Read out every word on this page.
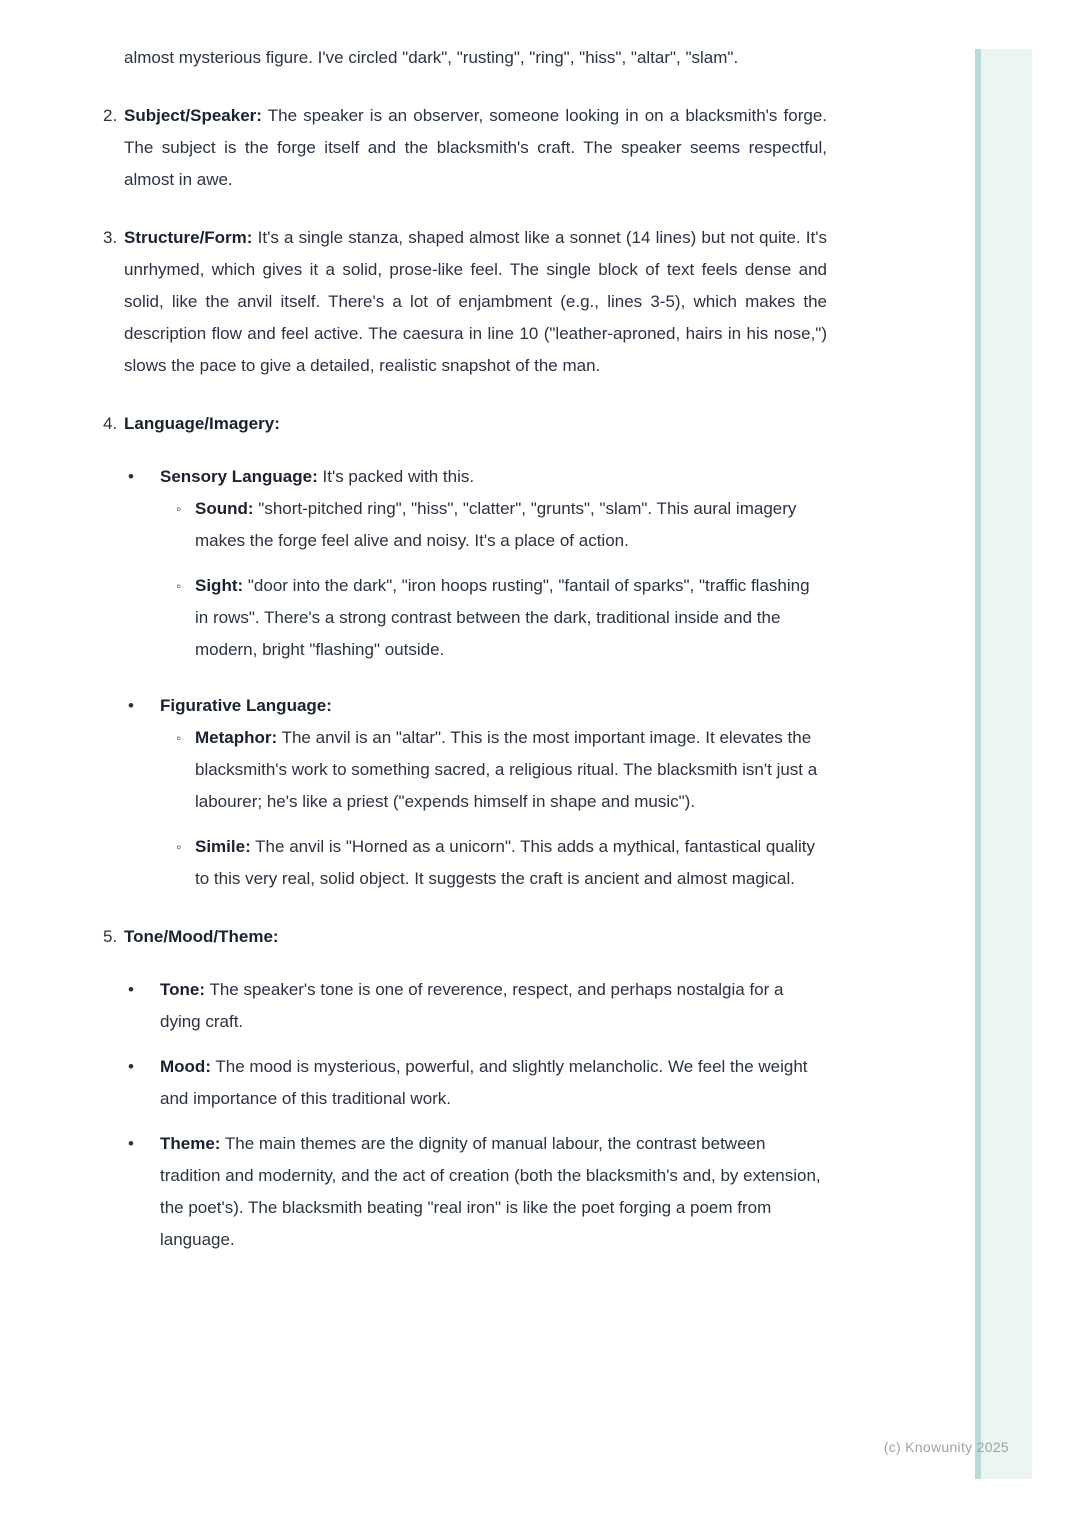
almost mysterious figure. I've circled "dark", "rusting", "ring", "hiss", "altar", "slam".

2. Subject/Speaker: The speaker is an observer, someone looking in on a blacksmith's forge. The subject is the forge itself and the blacksmith's craft. The speaker seems respectful, almost in awe.

3. Structure/Form: It's a single stanza, shaped almost like a sonnet (14 lines) but not quite. It's unrhymed, which gives it a solid, prose-like feel. The single block of text feels dense and solid, like the anvil itself. There's a lot of enjambment (e.g., lines 3-5), which makes the description flow and feel active. The caesura in line 10 ("leather-aproned, hairs in his nose,") slows the pace to give a detailed, realistic snapshot of the man.

4. Language/Imagery:

•

Sensory Language: It's packed with this.

◦

Sound: "short-pitched ring", "hiss", "clatter", "grunts", "slam". This aural imagery makes the forge feel alive and noisy. It's a place of action.

◦

Sight: "door into the dark", "iron hoops rusting", "fantail of sparks", "traffic flashing in rows". There's a strong contrast between the dark, traditional inside and the modern, bright "flashing" outside.

•

Figurative Language:

◦

Metaphor: The anvil is an "altar". This is the most important image. It elevates the blacksmith's work to something sacred, a religious ritual. The blacksmith isn't just a labourer; he's like a priest ("expends himself in shape and music").

◦

Simile: The anvil is "Horned as a unicorn". This adds a mythical, fantastical quality to this very real, solid object. It suggests the craft is ancient and almost magical.

5. Tone/Mood/Theme:

•

Tone: The speaker's tone is one of reverence, respect, and perhaps nostalgia for a dying craft.

•

Mood: The mood is mysterious, powerful, and slightly melancholic. We feel the weight and importance of this traditional work.

•

Theme: The main themes are the dignity of manual labour, the contrast between tradition and modernity, and the act of creation (both the blacksmith's and, by extension, the poet's). The blacksmith beating "real iron" is like the poet forging a poem from language.

(c) Knowunity 2025
